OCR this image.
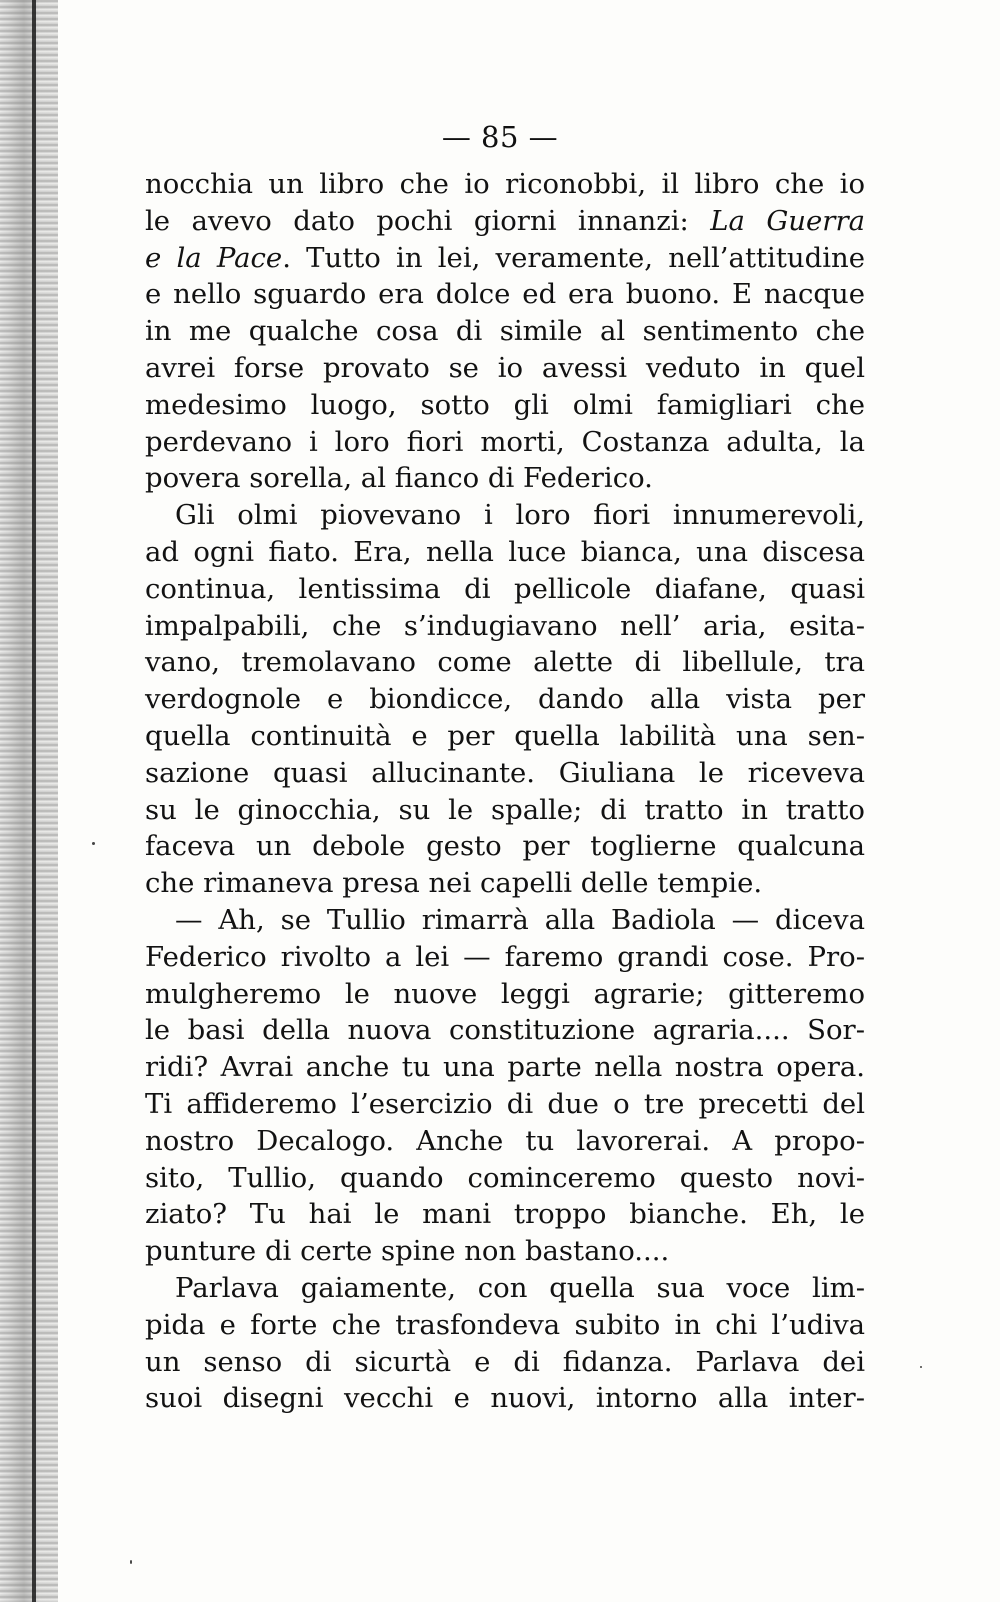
— 85 —
nocchia un libro che io riconobbi, il libro che io
le avevo dato pochi giorni innanzi: La Guerra
e la Pace. Tutto in lei, veramente, nell’attitudine
e nello sguardo era dolce ed era buono. E nacque
in me qualche cosa di simile al sentimento che
avrei forse provato se io avessi veduto in quel
medesimo luogo, sotto gli olmi famigliari che
perdevano i loro fiori morti, Costanza adulta, la
povera sorella, al fianco di Federico.
Gli olmi piovevano i loro fiori innumerevoli,
ad ogni fiato. Era, nella luce bianca, una discesa
continua, lentissima di pellicole diafane, quasi
impalpabili, che s’indugiavano nell’ aria, esita-
vano, tremolavano come alette di libellule, tra
verdognole e biondicce, dando alla vista per
quella continuità e per quella labilità una sen-
sazione quasi allucinante. Giuliana le riceveva
su le ginocchia, su le spalle; di tratto in tratto
faceva un debole gesto per toglierne qualcuna
che rimaneva presa nei capelli delle tempie.
— Ah, se Tullio rimarrà alla Badiola — diceva
Federico rivolto a lei — faremo grandi cose. Pro-
mulgheremo le nuove leggi agrarie; gitteremo
le basi della nuova constituzione agraria.... Sor-
ridi? Avrai anche tu una parte nella nostra opera.
Ti affideremo l’esercizio di due o tre precetti del
nostro Decalogo. Anche tu lavorerai. A propo-
sito, Tullio, quando cominceremo questo novi-
ziato? Tu hai le mani troppo bianche. Eh, le
punture di certe spine non bastano....
Parlava gaiamente, con quella sua voce lim-
pida e forte che trasfondeva subito in chi l’udiva
un senso di sicurtà e di fidanza. Parlava dei
suoi disegni vecchi e nuovi, intorno alla inter-
